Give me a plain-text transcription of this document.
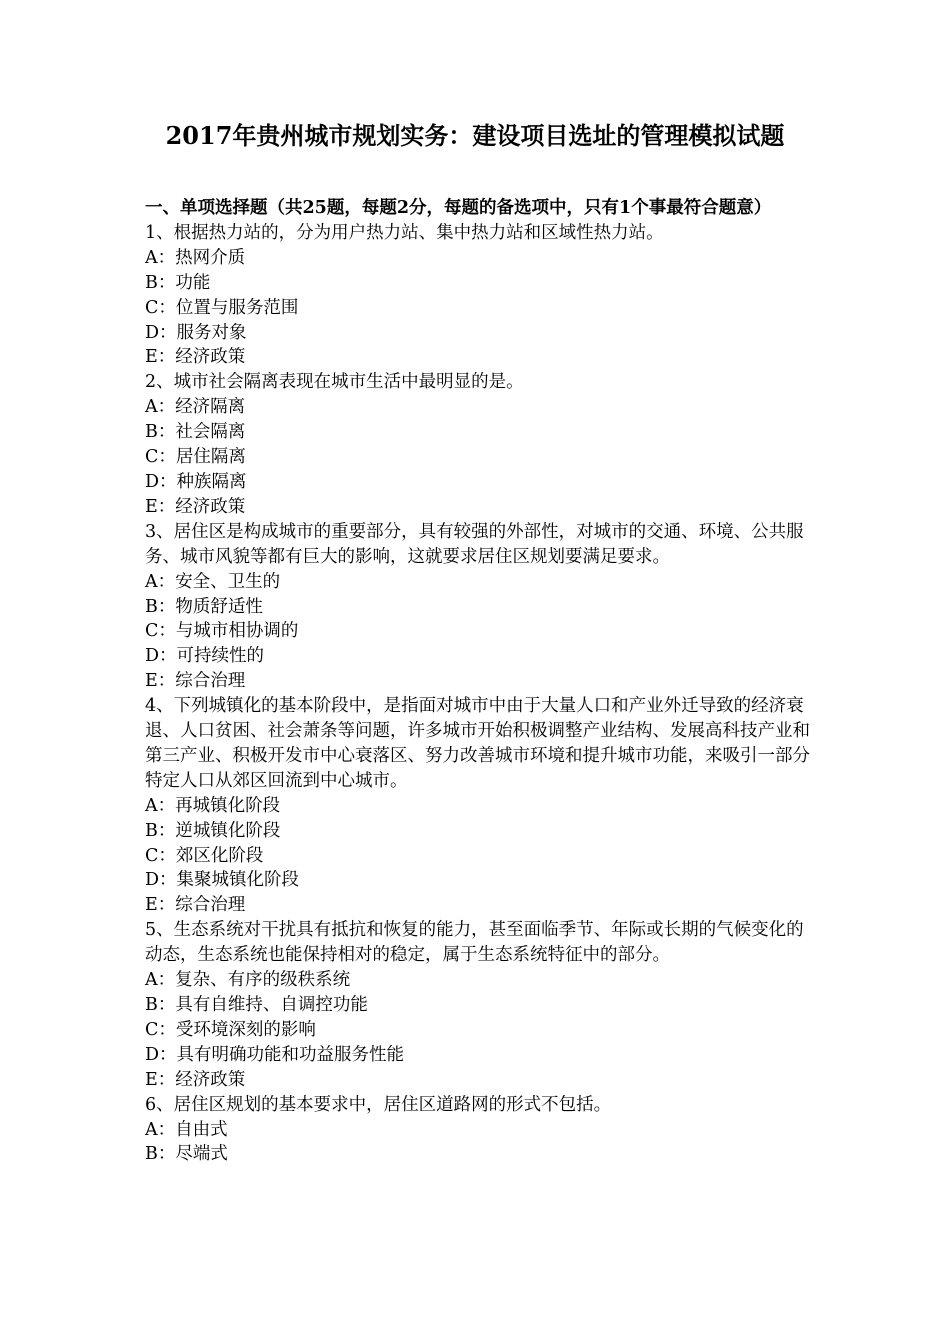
2017年贵州城市规划实务：建设项目选址的管理模拟试题
一、单项选择题（共25题，每题2分，每题的备选项中，只有1个事最符合题意）
1、根据热力站的，分为用户热力站、集中热力站和区域性热力站。
A：热网介质
B：功能
C：位置与服务范围
D：服务对象
E：经济政策
2、城市社会隔离表现在城市生活中最明显的是。
A：经济隔离
B：社会隔离
C：居住隔离
D：种族隔离
E：经济政策
3、居住区是构成城市的重要部分，具有较强的外部性，对城市的交通、环境、公共服务、城市风貌等都有巨大的影响，这就要求居住区规划要满足要求。
A：安全、卫生的
B：物质舒适性
C：与城市相协调的
D：可持续性的
E：综合治理
4、下列城镇化的基本阶段中，是指面对城市中由于大量人口和产业外迁导致的经济衰退、人口贫困、社会萧条等问题，许多城市开始积极调整产业结构、发展高科技产业和第三产业、积极开发市中心衰落区、努力改善城市环境和提升城市功能，来吸引一部分特定人口从郊区回流到中心城市。
A：再城镇化阶段
B：逆城镇化阶段
C：郊区化阶段
D：集聚城镇化阶段
E：综合治理
5、生态系统对干扰具有抵抗和恢复的能力，甚至面临季节、年际或长期的气候变化的动态，生态系统也能保持相对的稳定，属于生态系统特征中的部分。
A：复杂、有序的级秩系统
B：具有自维持、自调控功能
C：受环境深刻的影响
D：具有明确功能和功益服务性能
E：经济政策
6、居住区规划的基本要求中，居住区道路网的形式不包括。
A：自由式
B：尽端式
